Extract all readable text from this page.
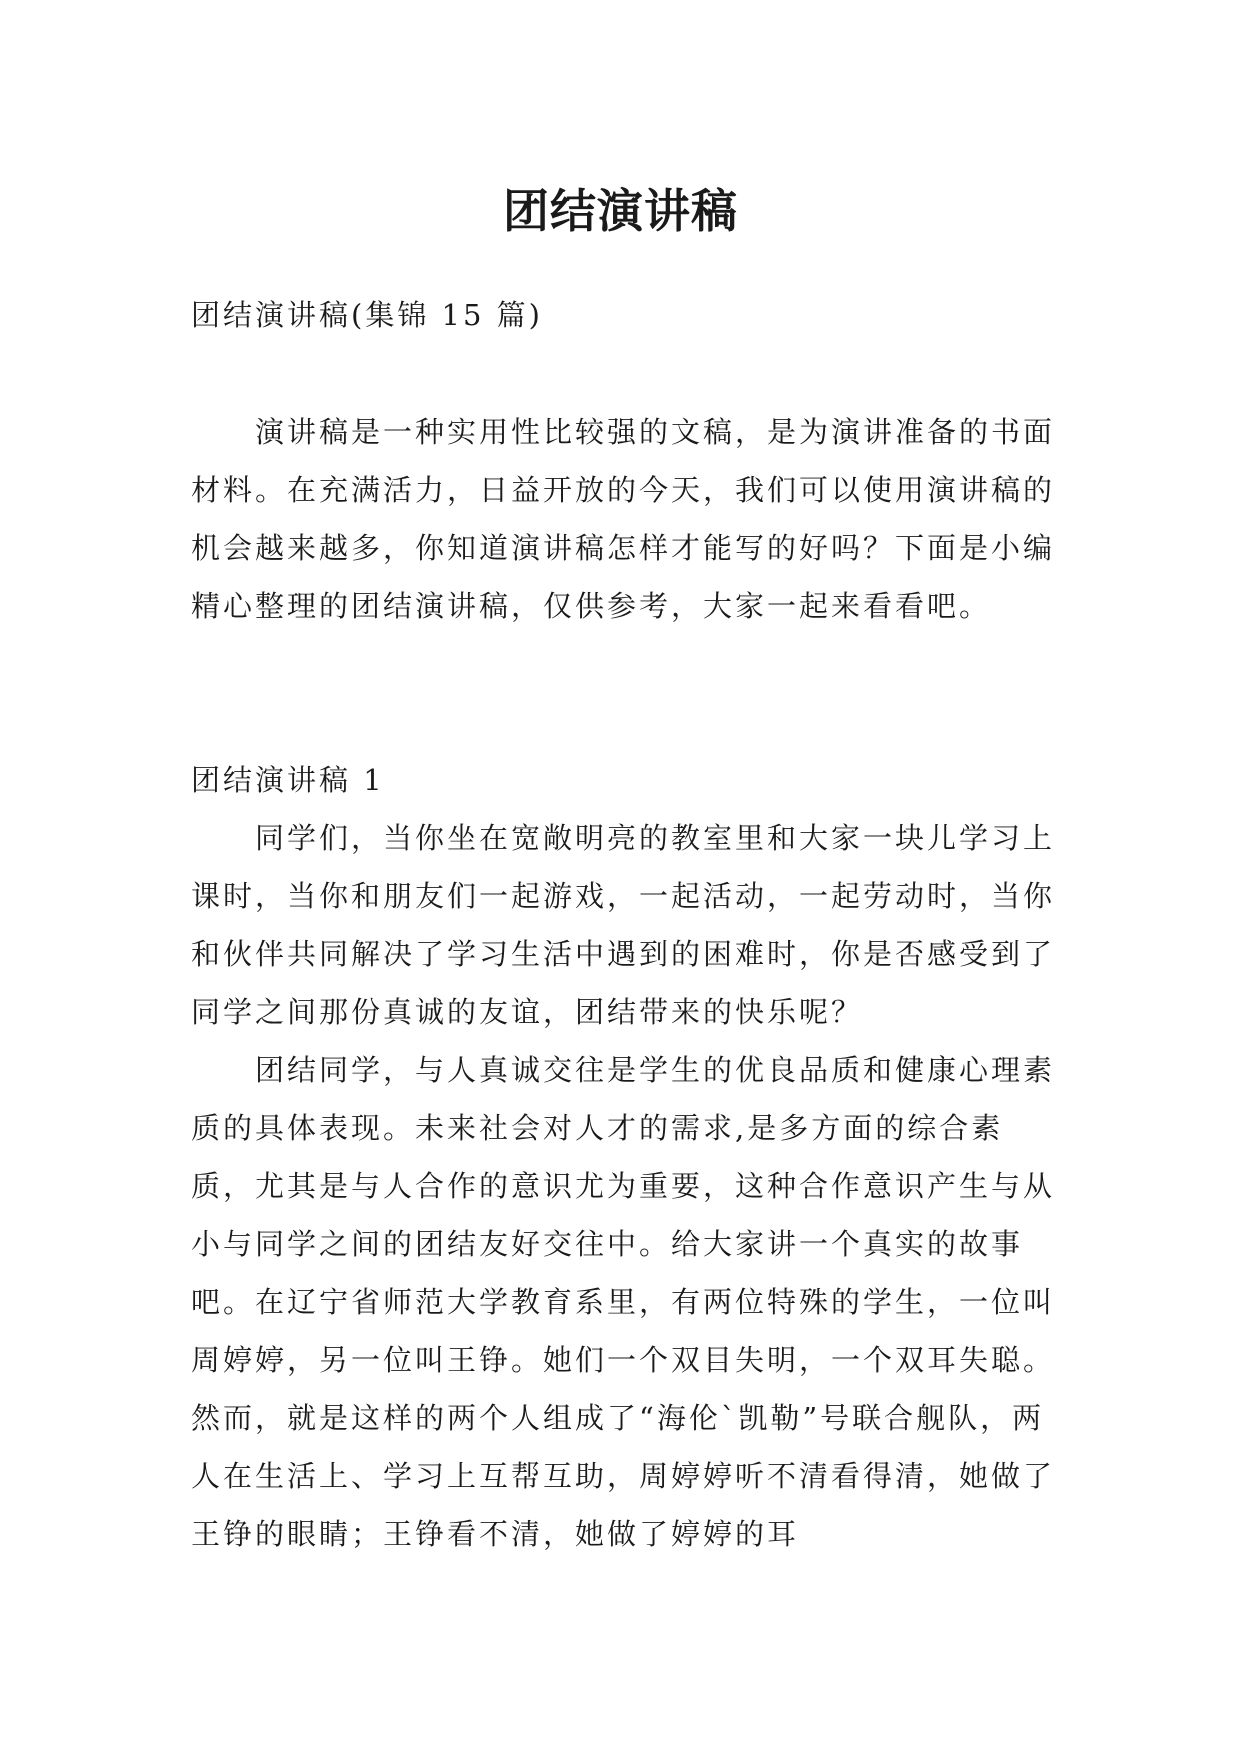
团结演讲稿

团结演讲稿(集锦 15 篇)

演讲稿是一种实用性比较强的文稿，是为演讲准备的书面材料。在充满活力，日益开放的今天，我们可以使用演讲稿的机会越来越多，你知道演讲稿怎样才能写的好吗？下面是小编精心整理的团结演讲稿，仅供参考，大家一起来看看吧。

团结演讲稿 1

同学们，当你坐在宽敞明亮的教室里和大家一块儿学习上课时，当你和朋友们一起游戏，一起活动，一起劳动时，当你和伙伴共同解决了学习生活中遇到的困难时，你是否感受到了同学之间那份真诚的友谊，团结带来的快乐呢？

团结同学，与人真诚交往是学生的优良品质和健康心理素质的具体表现。未来社会对人才的需求,是多方面的综合素质，尤其是与人合作的意识尤为重要，这种合作意识产生与从小与同学之间的团结友好交往中。给大家讲一个真实的故事吧。在辽宁省师范大学教育系里，有两位特殊的学生，一位叫周婷婷，另一位叫王铮。她们一个双目失明，一个双耳失聪。然而，就是这样的两个人组成了“海伦`凯勒”号联合舰队，两人在生活上、学习上互帮互助，周婷婷听不清看得清，她做了王铮的眼睛；王铮看不清，她做了婷婷的耳
